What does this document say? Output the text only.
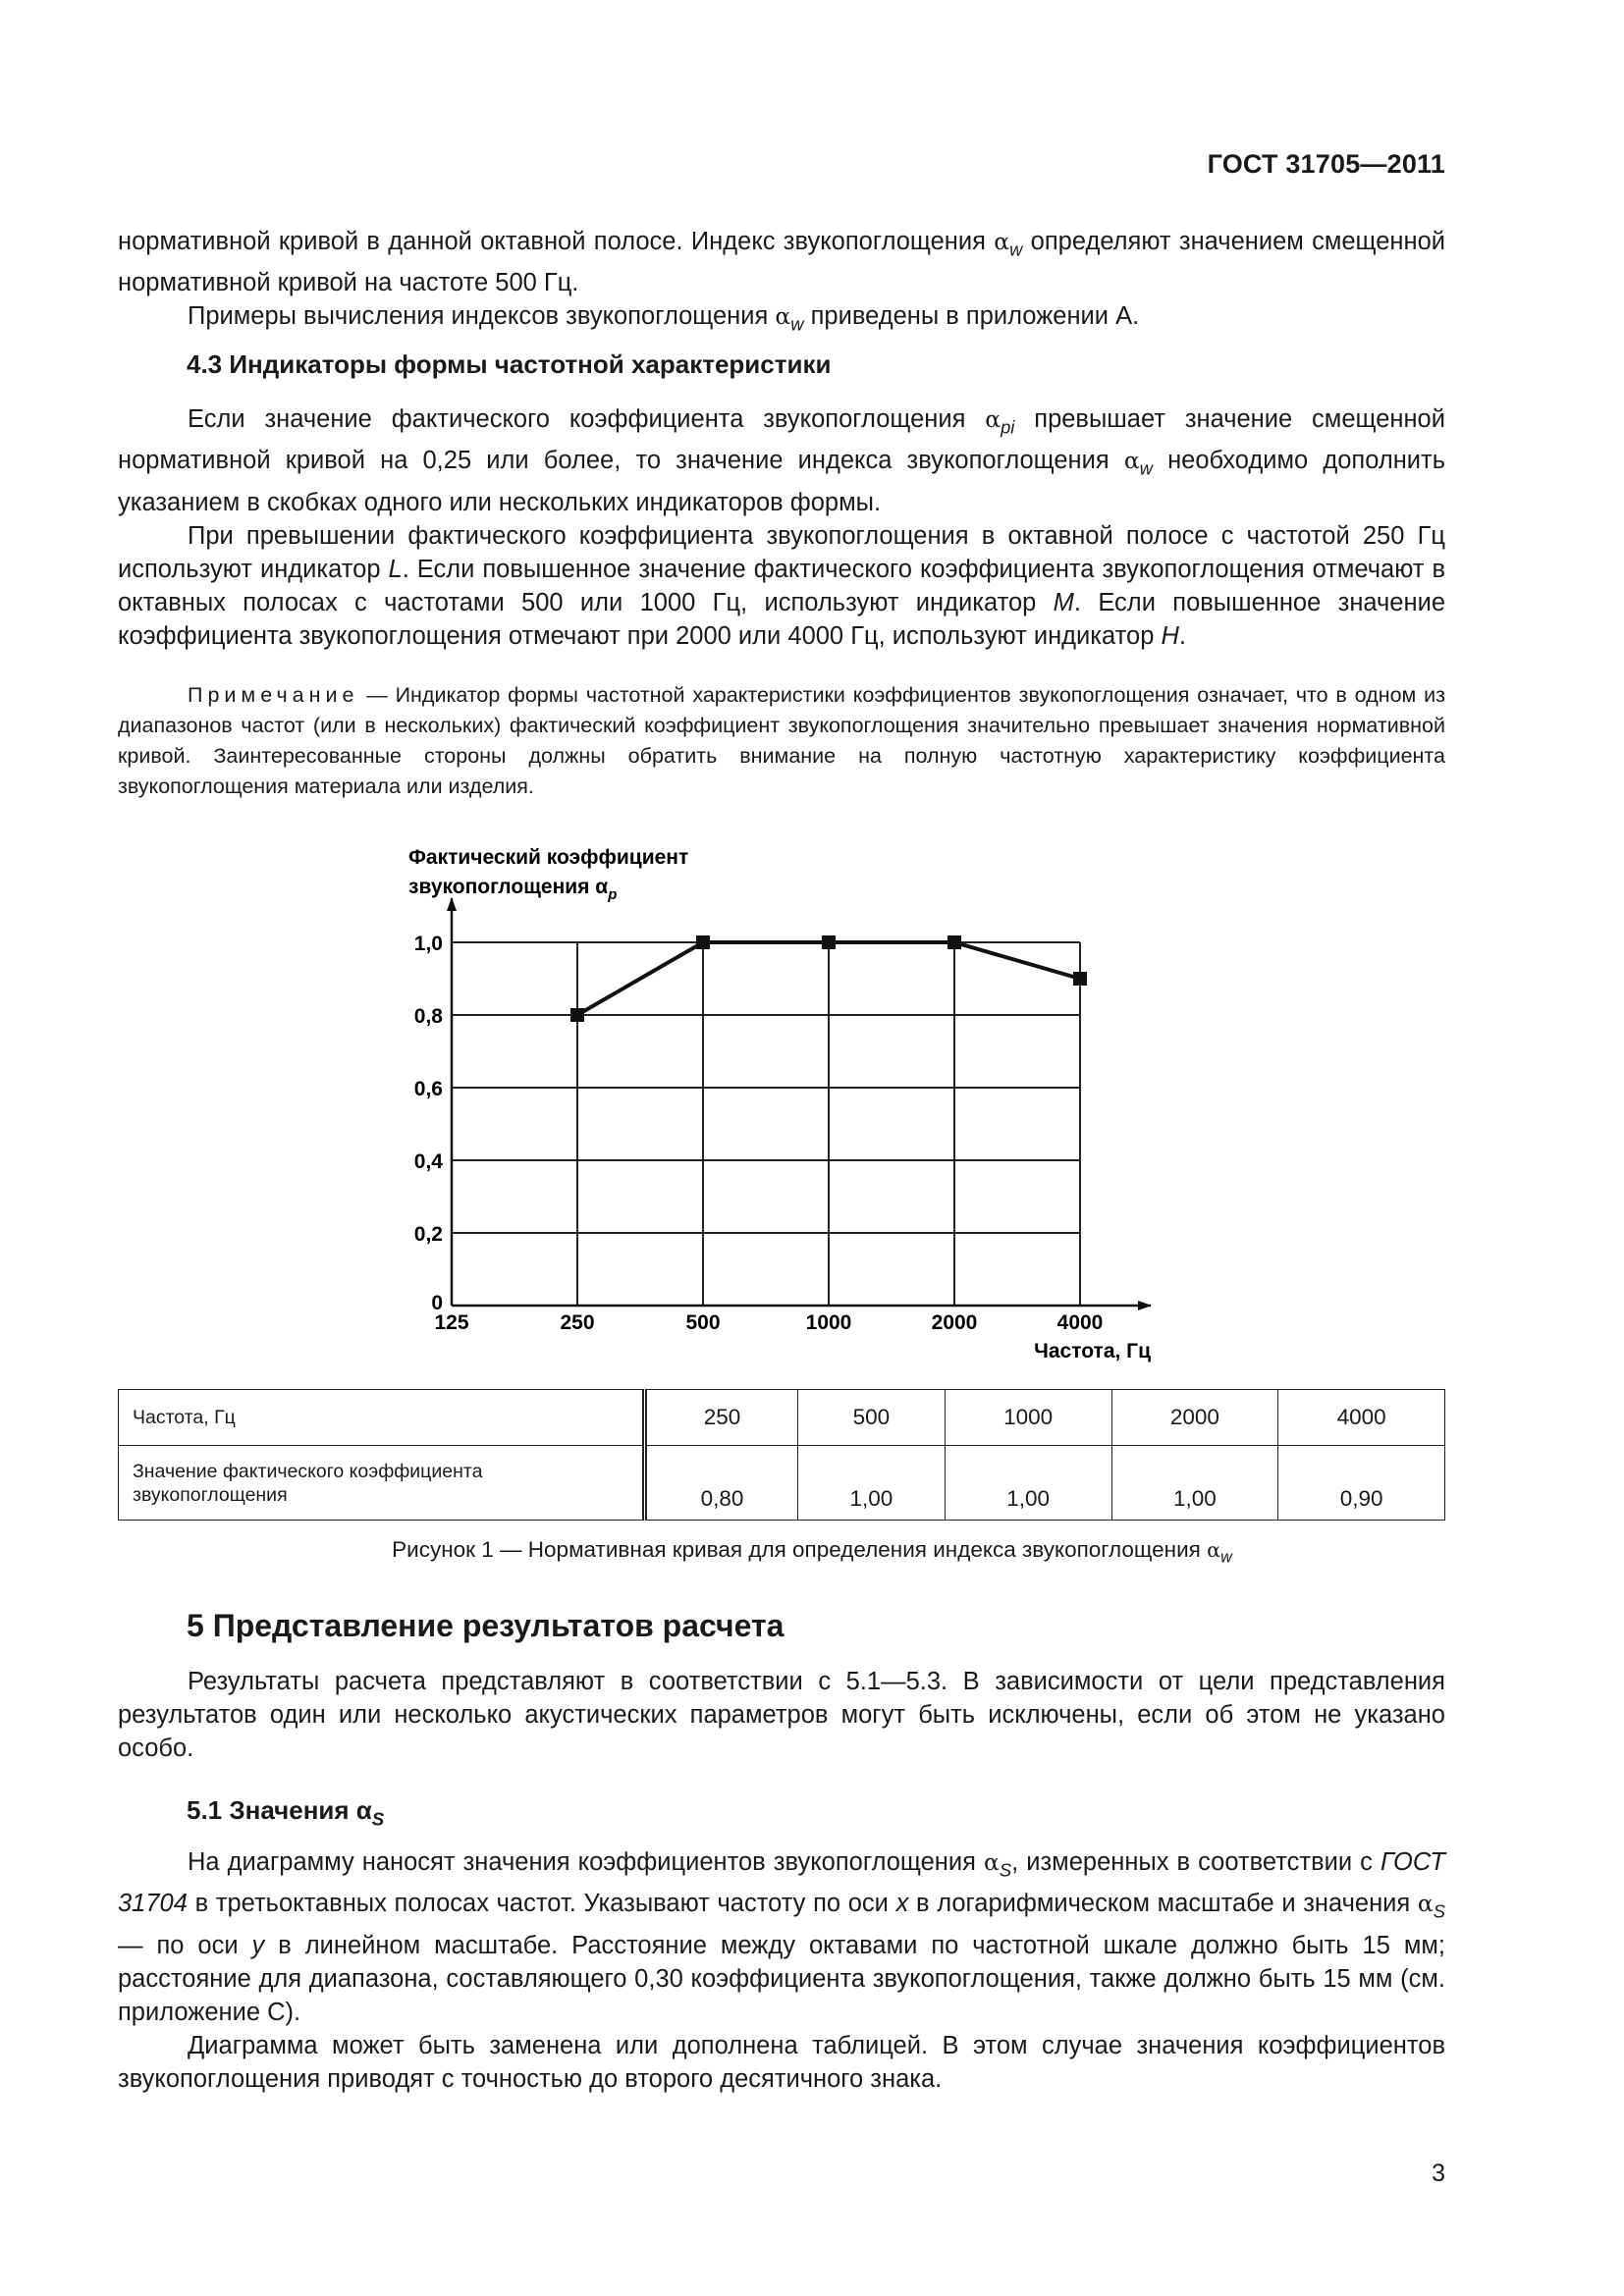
ГОСТ 31705—2011

нормативной кривой в данной октавной полосе. Индекс звукопоглощения $\alpha_w$ определяют значением смещенной нормативной кривой на частоте 500 Гц.

Примеры вычисления индексов звукопоглощения $\alpha_w$ приведены в приложении А.

4.3 Индикаторы формы частотной характеристики

Если значение фактического коэффициента звукопоглощения $\alpha_{pi}$ превышает значение смещенной нормативной кривой на 0,25 или более, то значение индекса звукопоглощения $\alpha_w$ необходимо дополнить указанием в скобках одного или нескольких индикаторов формы.

При превышении фактического коэффициента звукопоглощения в октавной полосе с частотой 250 Гц используют индикатор L. Если повышенное значение фактического коэффициента звукопоглощения отмечают в октавных полосах с частотами 500 или 1000 Гц, используют индикатор M. Если повышенное значение коэффициента звукопоглощения отмечают при 2000 или 4000 Гц, используют индикатор H.

Примечание — Индикатор формы частотной характеристики коэффициентов звукопоглощения означает, что в одном из диапазонов частот (или в нескольких) фактический коэффициент звукопоглощения значительно превышает значения нормативной кривой. Заинтересованные стороны должны обратить внимание на полную частотную характеристику коэффициента звукопоглощения материала или изделия.

Фактический коэффициент
звукопоглощения $\alpha_p$
0
0,2
0,4
0,6
0,8
1,0
125	250	500	1000	2000	4000
Частота, Гц
Частота, Гц	250	500	1000	2000	4000
Значение фактического коэффициента звукопоглощения	0,80	1,00	1,00	1,00	0,90
Рисунок 1 — Нормативная кривая для определения индекса звукопоглощения $\alpha_w$
5 Представление результатов расчета

Результаты расчета представляют в соответствии с 5.1—5.3. В зависимости от цели представления результатов один или несколько акустических параметров могут быть исключены, если об этом не указано особо.

5.1 Значения $\alpha_S$

На диаграмму наносят значения коэффициентов звукопоглощения $\alpha_S$, измеренных в соответствии с ГОСТ 31704 в третьоктавных полосах частот. Указывают частоту по оси x в логарифмическом масштабе и значения $\alpha_S$ — по оси y в линейном масштабе. Расстояние между октавами по частотной шкале должно быть 15 мм; расстояние для диапазона, составляющего 0,30 коэффициента звукопоглощения, также должно быть 15 мм (см. приложение С).

Диаграмма может быть заменена или дополнена таблицей. В этом случае значения коэффициентов звукопоглощения приводят с точностью до второго десятичного знака.

3
